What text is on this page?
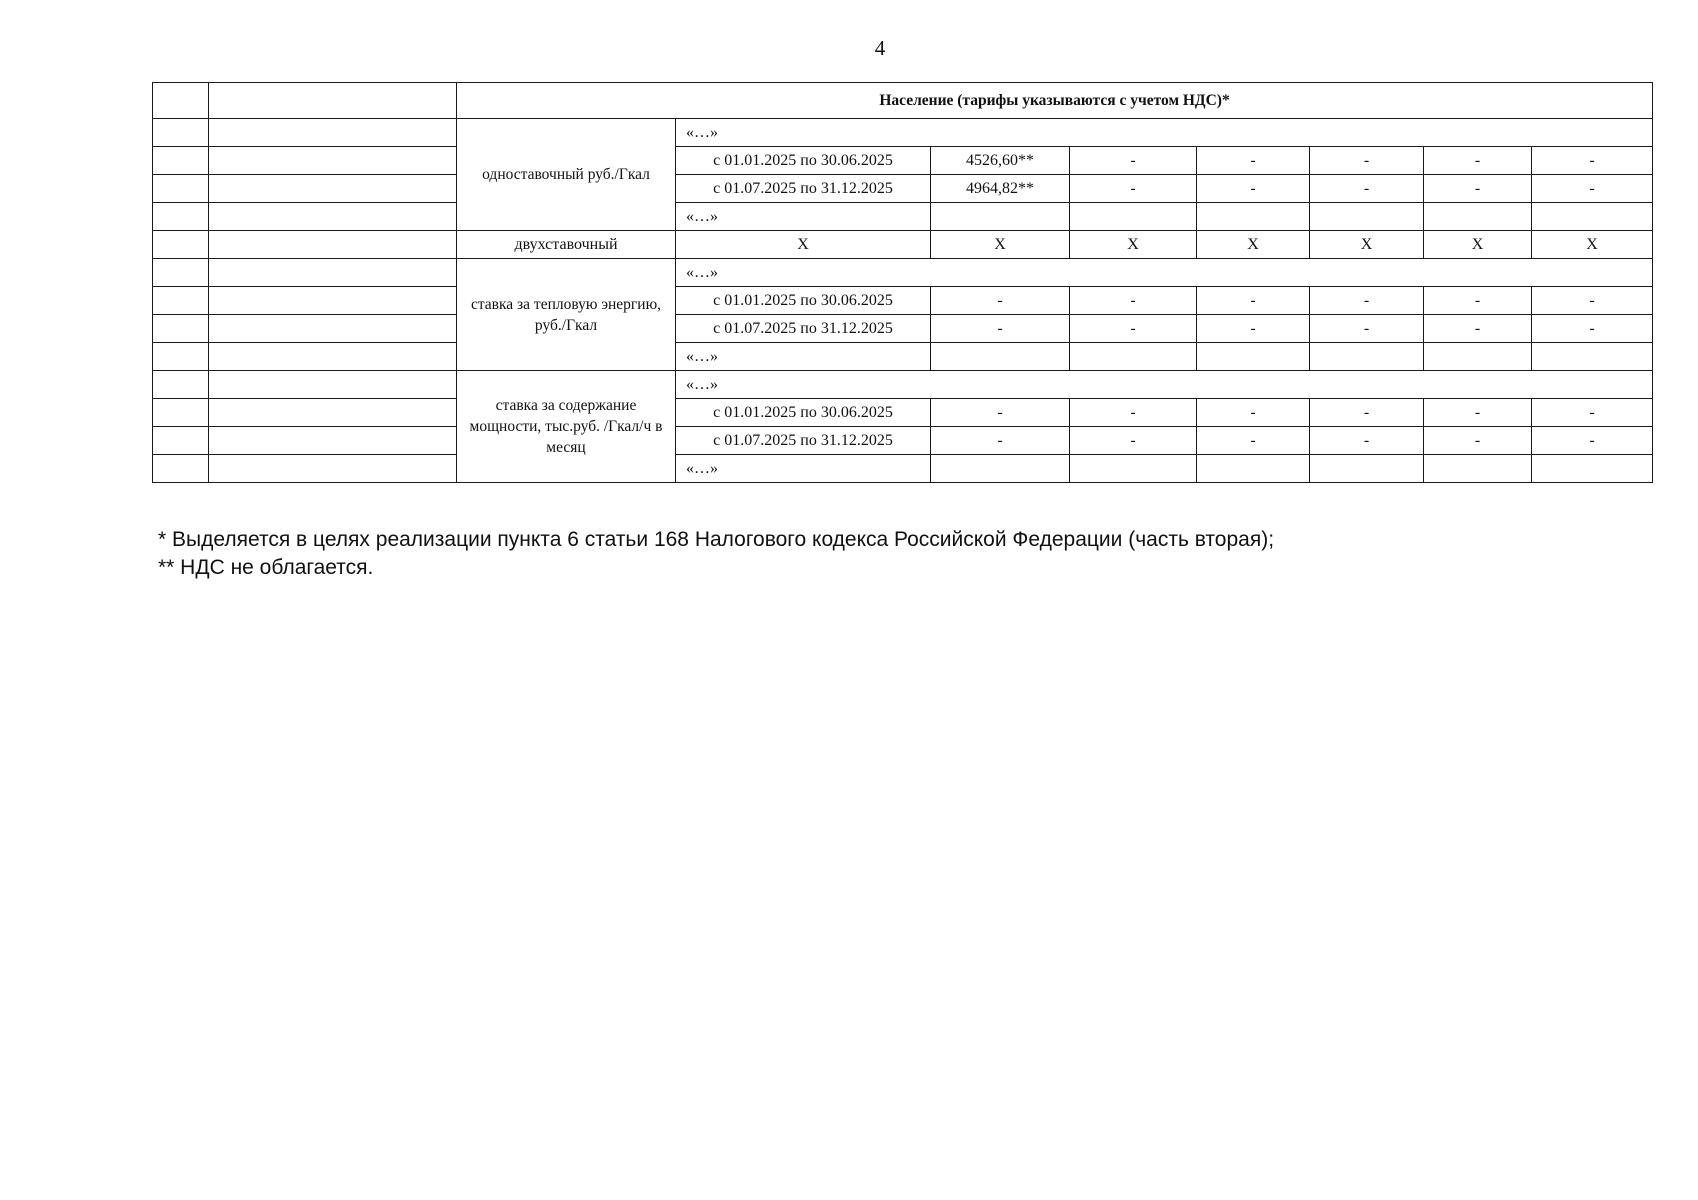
4
		Население (тарифы указываются с учетом НДС)*							
		одноставочный руб./Гкал	«…»						
			с 01.01.2025 по 30.06.2025	4526,60**	-	-	-	-	-
			с 01.07.2025 по 31.12.2025	4964,82**	-	-	-	-	-
			«…»						
		двухставочный	X	X	X	X	X	X	X
		ставка за тепловую энергию, руб./Гкал	«…»						
			с 01.01.2025 по 30.06.2025	-	-	-	-	-	-
			с 01.07.2025 по 31.12.2025	-	-	-	-	-	-
			«…»						
		ставка за содержание мощности, тыс.руб. /Гкал/ч в месяц	«…»						
			с 01.01.2025 по 30.06.2025	-	-	-	-	-	-
			с 01.07.2025 по 31.12.2025	-	-	-	-	-	-
			«…»						
* Выделяется в целях реализации пункта 6 статьи 168 Налогового кодекса Российской Федерации (часть вторая);
** НДС не облагается.
